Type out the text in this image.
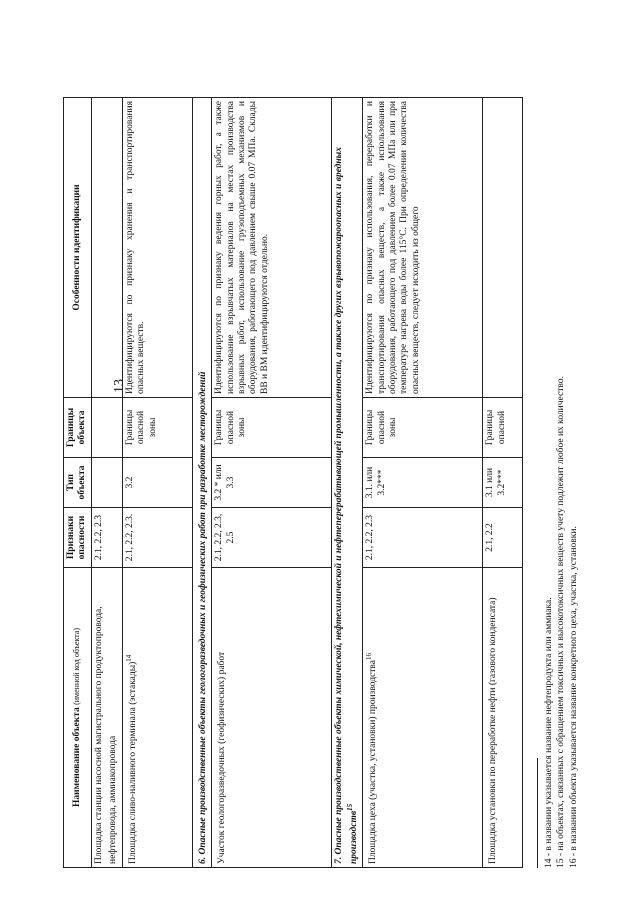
13
Наименование объекта (именной код объекта)	Признаки опасности	Тип объекта	Границы объекта	Особенности идентификации
Площадка станции насосной магистрального продуктопровода, нефтепровода, аммиакопровода	2.1, 2.2, 2.3			
Площадка сливо-наливного терминала (эстакады)$^{14}$	2.1, 2.2, 2.3.	3.2	Границы опасной зоны	Идентифицируются по признаку хранения и транспортирования опасных веществ.
6. Опасные производственные объекты геологоразведочных и геофизических работ при разработке месторождений				
Участок геологоразведочных (геофизических) работ	2.1, 2.2, 2.3, 2.5	3.2 * или 3.3	Границы опасной зоны	Идентифицируются по признаку ведения горных работ, а также использование взрывчатых материалов на местах производства взрывных работ, использование грузоподъемных механизмов и оборудования, работающего под давлением свыше 0.07 МПа. Склады ВВ и ВМ идентифицируются отдельно.
7. Опасные производственные объекты химической, нефтехимической и нефтеперерабатывающей промышленности, а также других взрывопожароопасных и вредных производств$^{15}$
Площадка цеха (участка, установки) производства$^{16}$	2.1, 2.2, 2.3	3.1. или 3.2***	Границы опасной зоны	Идентифицируются по признаку использования, переработки и транспортирования опасных веществ, а также использования оборудования, работающего под давлением более 0.07 МПа или при температуре нагрева воды более 115°С. При определении количества опасных веществ, следует исходить из общего
Площадка установки по переработке нефти (газового конденсата)	2.1, 2.2	3.1 или 3.2***	Границы опасной	
14 - в названии указывается название нефтепродукта или аммиака. 15 - на объектах, связанных с обращением токсичных и высокотоксичных веществ учету подлежит любое их количество. 16 - в названии объекта указывается название конкретного цеха, участка, установки.
